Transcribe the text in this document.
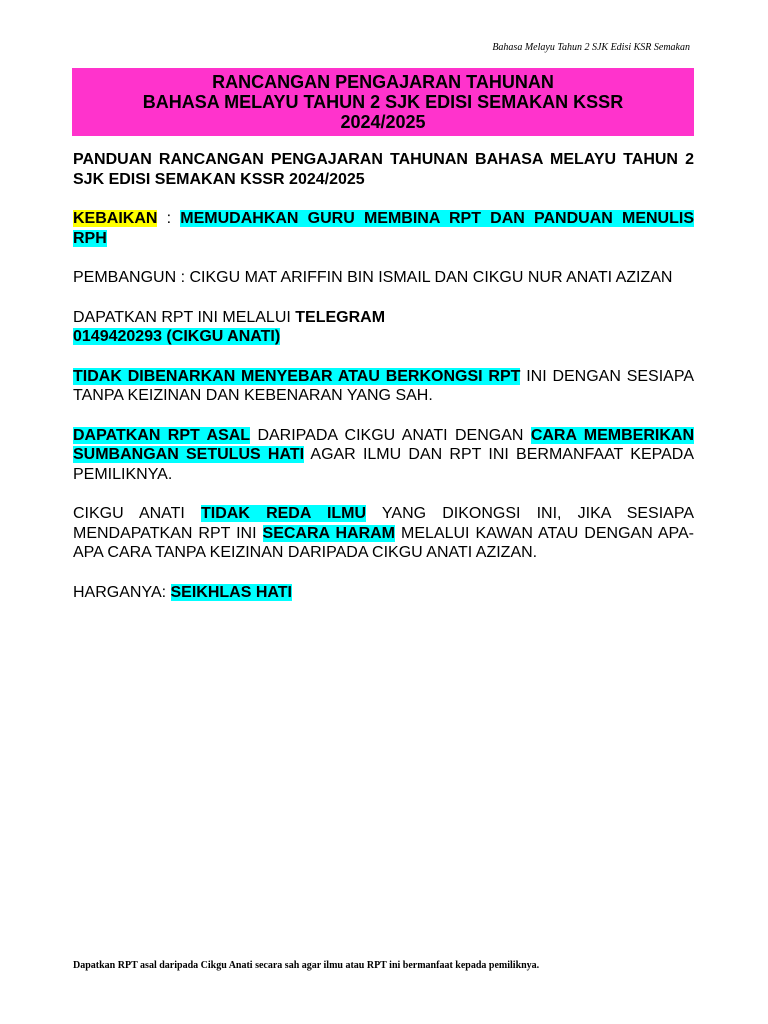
Bahasa Melayu Tahun 2 SJK Edisi KSR Semakan
RANCANGAN PENGAJARAN TAHUNAN
BAHASA MELAYU TAHUN 2 SJK EDISI SEMAKAN KSSR
2024/2025

PANDUAN RANCANGAN PENGAJARAN TAHUNAN BAHASA MELAYU TAHUN 2 SJK EDISI SEMAKAN KSSR 2024/2025

KEBAIKAN : MEMUDAHKAN GURU MEMBINA RPT DAN PANDUAN MENULIS RPH

PEMBANGUN : CIKGU MAT ARIFFIN BIN ISMAIL DAN CIKGU NUR ANATI AZIZAN

DAPATKAN RPT INI MELALUI TELEGRAM
0149420293 (CIKGU ANATI)

TIDAK DIBENARKAN MENYEBAR ATAU BERKONGSI RPT INI DENGAN SESIAPA TANPA KEIZINAN DAN KEBENARAN YANG SAH.

DAPATKAN RPT ASAL DARIPADA CIKGU ANATI DENGAN CARA MEMBERIKAN SUMBANGAN SETULUS HATI AGAR ILMU DAN RPT INI BERMANFAAT KEPADA PEMILIKNYA.

CIKGU ANATI TIDAK REDA ILMU YANG DIKONGSI INI, JIKA SESIAPA MENDAPATKAN RPT INI SECARA HARAM MELALUI KAWAN ATAU DENGAN APA-APA CARA TANPA KEIZINAN DARIPADA CIKGU ANATI AZIZAN.

HARGANYA: SEIKHLAS HATI

Dapatkan RPT asal daripada Cikgu Anati secara sah agar ilmu atau RPT ini bermanfaat kepada pemiliknya.
